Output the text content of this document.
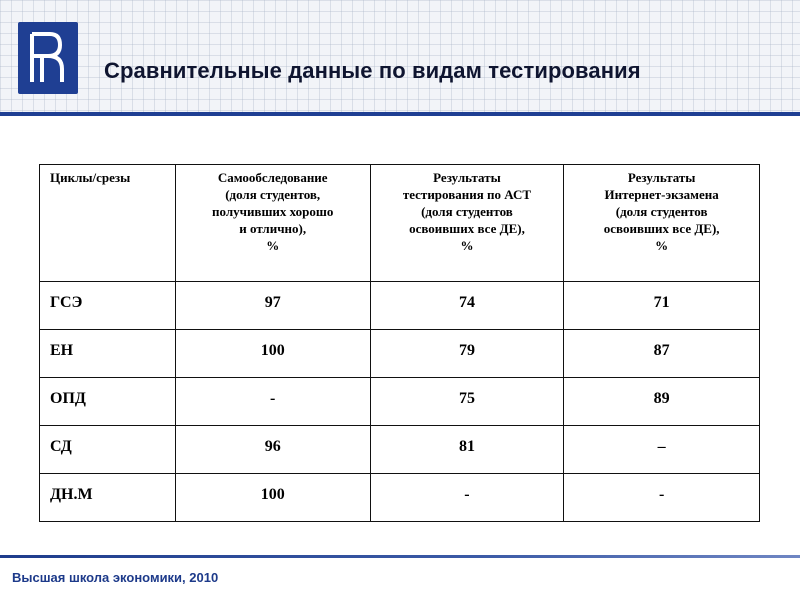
Сравнительные данные по видам тестирования
Циклы/срезы	Самообследование
(доля студентов,
получивших хорошо
и отлично),
%	Результаты
тестирования по АСТ
(доля студентов
освоивших все ДЕ),
%	Результаты
Интернет-экзамена
(доля студентов
освоивших все ДЕ),
%
ГСЭ	97	74	71
ЕН	100	79	87
ОПД	-	75	89
СД	96	81	–
ДН.М	100	-	-
Высшая школа экономики, 2010
